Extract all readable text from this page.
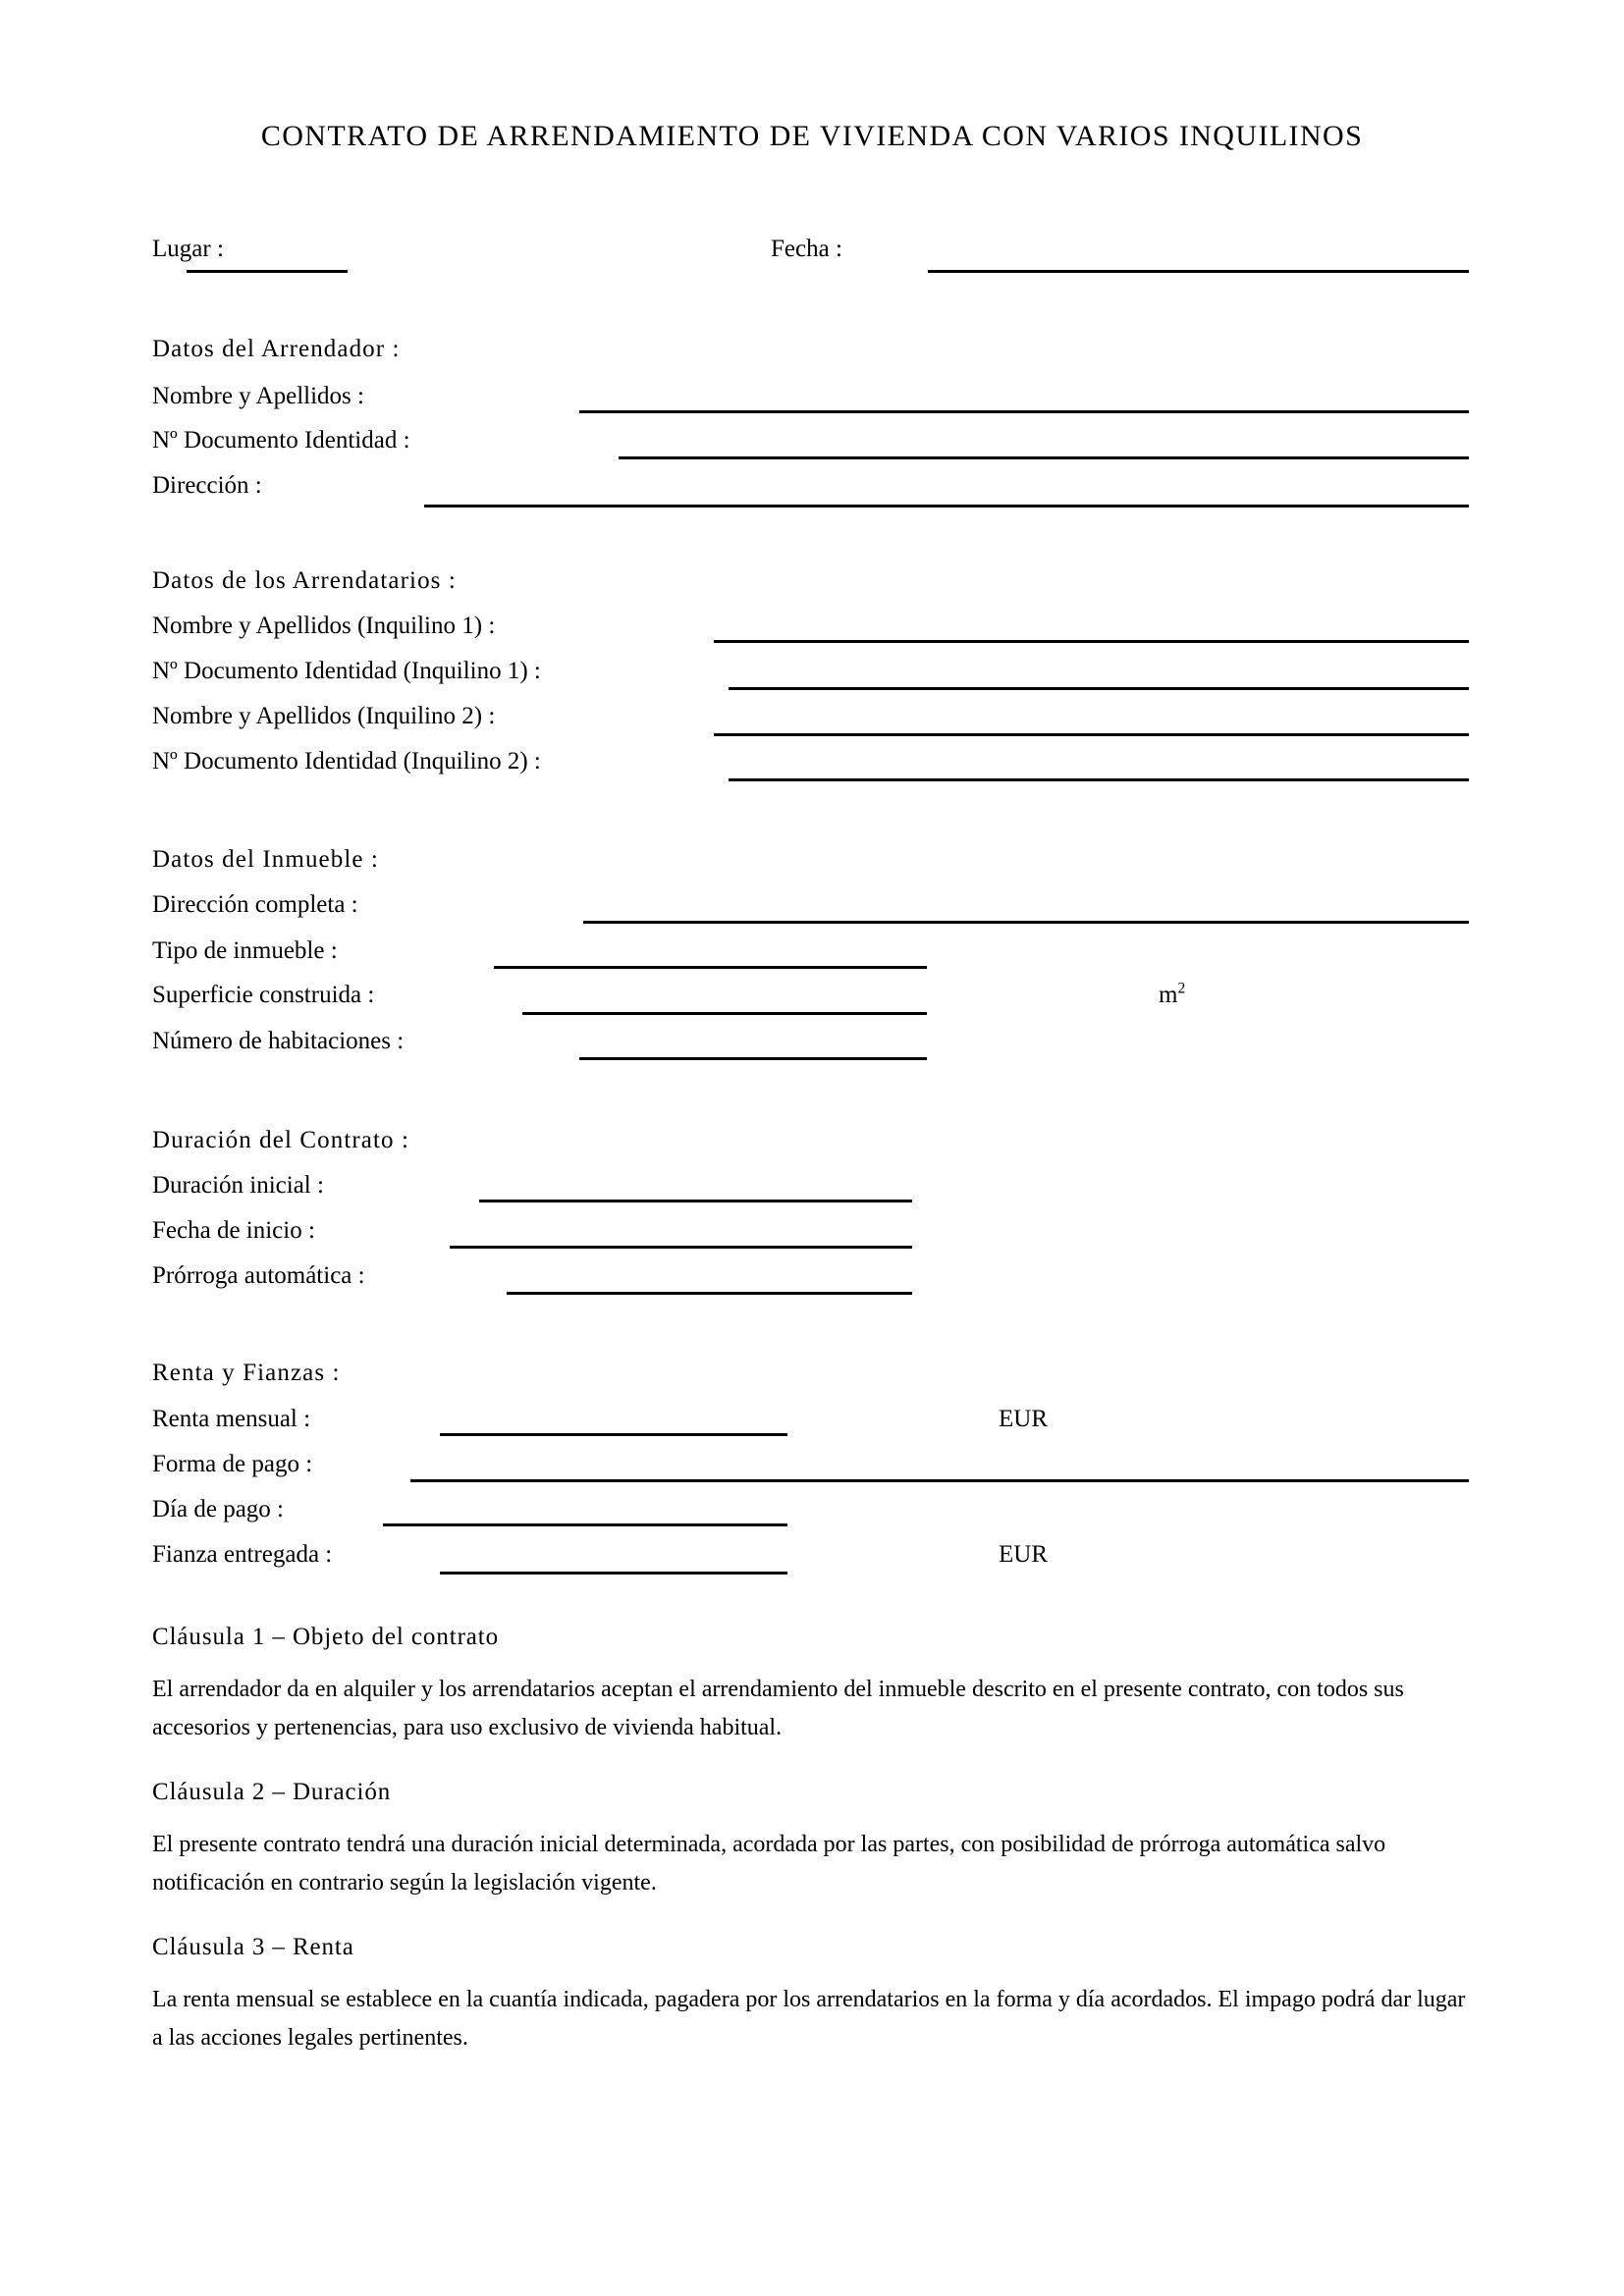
CONTRATO DE ARRENDAMIENTO DE VIVIENDA CON VARIOS INQUILINOS
Lugar :	Fecha :
Datos del Arrendador :
Nombre y Apellidos :
Nº Documento Identidad :
Dirección :
Datos de los Arrendatarios :
Nombre y Apellidos (Inquilino 1) :
Nº Documento Identidad (Inquilino 1) :
Nombre y Apellidos (Inquilino 2) :
Nº Documento Identidad (Inquilino 2) :
Datos del Inmueble :
Dirección completa :
Tipo de inmueble :
Superficie construida :	$m^2$
Número de habitaciones :
Duración del Contrato :
Duración inicial :
Fecha de inicio :
Prórroga automática :
Renta y Fianzas :
Renta mensual :	EUR
Forma de pago :
Día de pago :
Fianza entregada :	EUR
Cláusula 1 – Objeto del contrato
El arrendador da en alquiler y los arrendatarios aceptan el arrendamiento del inmueble descrito en el presente contrato, con todos sus accesorios y pertenencias, para uso exclusivo de vivienda habitual.
Cláusula 2 – Duración
El presente contrato tendrá una duración inicial determinada, acordada por las partes, con posibilidad de prórroga automática salvo notificación en contrario según la legislación vigente.
Cláusula 3 – Renta
La renta mensual se establece en la cuantía indicada, pagadera por los arrendatarios en la forma y día acordados. El impago podrá dar lugar a las acciones legales pertinentes.
